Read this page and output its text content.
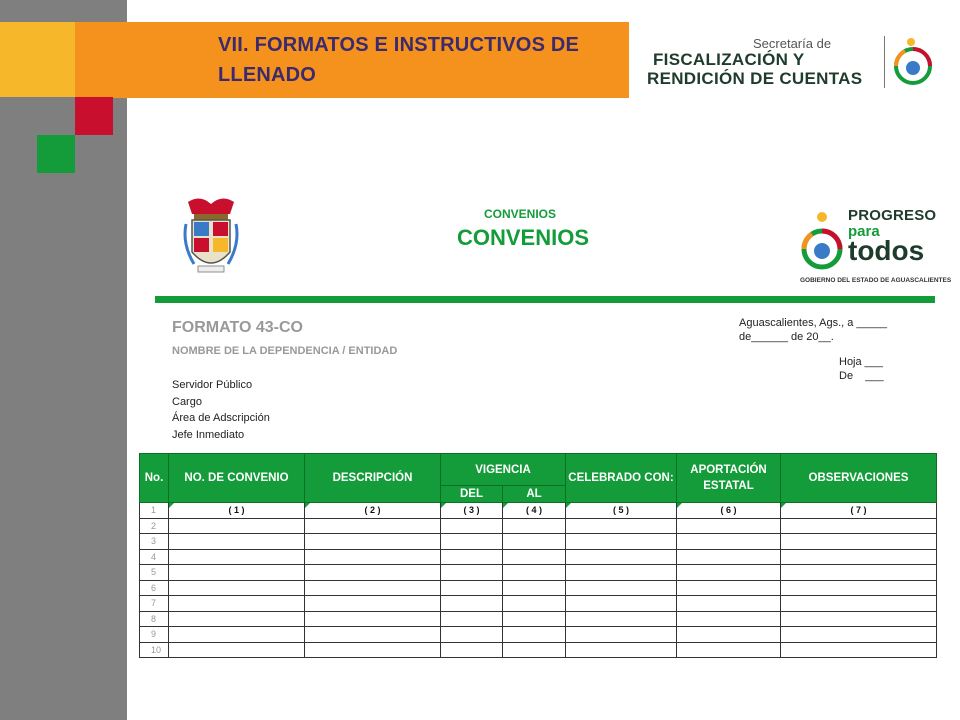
VII. FORMATOS E INSTRUCTIVOS DE LLENADO
Secretaría de
FISCALIZACIÓN Y
RENDICIÓN DE CUENTAS
CONVENIOS
CONVENIOS
PROGRESO
para
todos
GOBIERNO DEL ESTADO DE AGUASCALIENTES
FORMATO 43-CO
NOMBRE DE LA DEPENDENCIA / ENTIDAD
Aguascalientes, Ags., a _____
de______ de 20__.
Hoja ___
De    ___
Servidor Público
Cargo
Área de Adscripción
Jefe Inmediato
No.	NO. DE CONVENIO	DESCRIPCIÓN	VIGENCIA		CELEBRADO CON:	APORTACIÓN ESTATAL	OBSERVACIONES
			DEL	AL			
1	( 1 )	( 2 )	( 3 )	( 4 )	( 5 )	( 6 )	( 7 )
2							
3							
4							
5							
6							
7							
8							
9							
10							
